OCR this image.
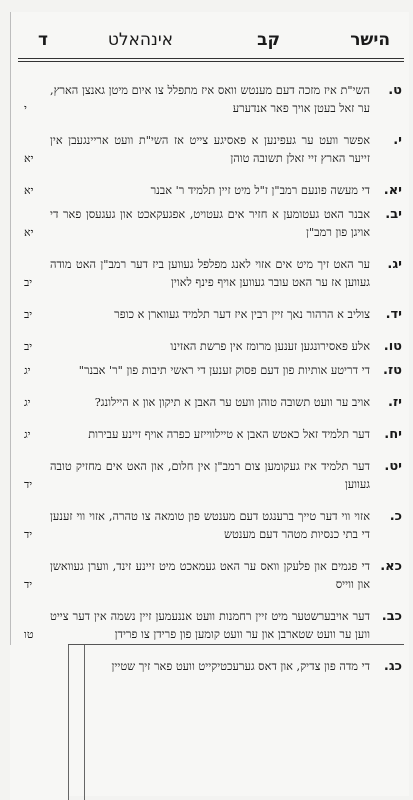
הישר
קב
אינהאלט
ד
ט.
השי"ת איז מזכה דעם מענטש וואס איז מתפלל צו איום מיטן גאנצן הארץ, ער זאל בעטן אויך פאר אנדערע
י
י.
אפשר וועט ער געפינען א פאסיגע צייט אז השי"ת וועט אריינגעבן אין זייער הארץ זיי זאלן תשובה טוהן
יא
יא.
די מעשה פונעם רמב"ן ז"ל מיט זיין תלמיד ר' אבנר
יא
יב.
אבנר האט געטומען א חזיר אים געטויט, אפגעקאכט און געגעסן פאר די אויגן פון רמב"ן
יא
יג.
ער האט זיך מיט אים אזוי לאנג מפלפל געווען ביז דער רמב"ן האט מודה געווען אז ער האט עובר געווען אויף פינף לאוין
יב
יד.
צוליב א הרהור נאך זיין רבין איז דער תלמיד געווארן א כופר
יב
טו.
אלע פאסירונגען זענען מרומז אין פרשת האזינו
יב
טז.
די דריטע אותיות פון דעם פסוק זענען די ראשי תיבות פון "ר' אבנר"
יג
יז.
אויב ער וועט תשובה טוהן וועט ער האבן א תיקון און א היילונג?
יג
יח.
דער תלמיד זאל כאטש האבן א טיילווייזע כפרה אויף זיינע עבירות
יג
יט.
דער תלמיד איז געקומען צום רמב"ן אין חלום, און האט אים מחזיק טובה געווען
יד
כ.
אזוי ווי דער טייך ברענגט דעם מענטש פון טומאה צו טהרה, אזוי ווי זענען די בתי כנסיות מטהר דעם מענטש
יד
כא.
די פגמים און פלעקן וואס ער האט געמאכט מיט זיינע זינד, ווערן געוואשן און ווייס
יד
כב.
דער אויבערשטער מיט זיין רחמנות וועט אננעמען זיין נשמה אין דער צייט ווען ער וועט שטארבן און ער וועט קומען פון פרידן צו פרידן
טו
כג.
די מדה פון צדיק, און דאס גערעכטיקייט וועט פאר זיך שטיין
